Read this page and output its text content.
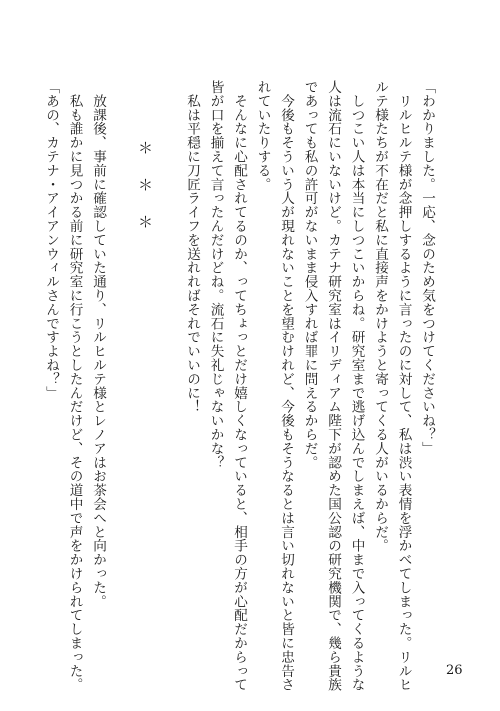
「わかりました。一応、念のため気をつけてくださいね？」
　リルヒルテ様が念押しするように言ったのに対して、私は渋い表情を浮かべてしまった。リルヒ
ルテ様たちが不在だと私に直接声をかけようと寄ってくる人がいるからだ。
　しつこい人は本当にしつこいからね。研究室まで逃げ込んでしまえば、中まで入ってくるような
人は流石にいないけど。カテナ研究室はイリディアム陛下が認めた国公認の研究機関で、幾ら貴族
であっても私の許可がないまま侵入すれば罪に問えるからだ。
　今後もそういう人が現れないことを望むけれど、今後もそうなるとは言い切れないと皆に忠告さ
れていたりする。
　そんなに心配されてるのか、ってちょっとだけ嬉しくなっていると、相手の方が心配だからって
皆が口を揃えて言ったんだけどね。流石に失礼じゃないかな？
　私は平穏に刀匠ライフを送れればそれでいいのに！
＊＊＊
　放課後、事前に確認していた通り、リルヒルテ様とレノアはお茶会へと向かった。
　私も誰かに見つかる前に研究室に行こうとしたんだけど、その道中で声をかけられてしまった。
「あの、カテナ・アイアンウィルさんですよね？」
26
